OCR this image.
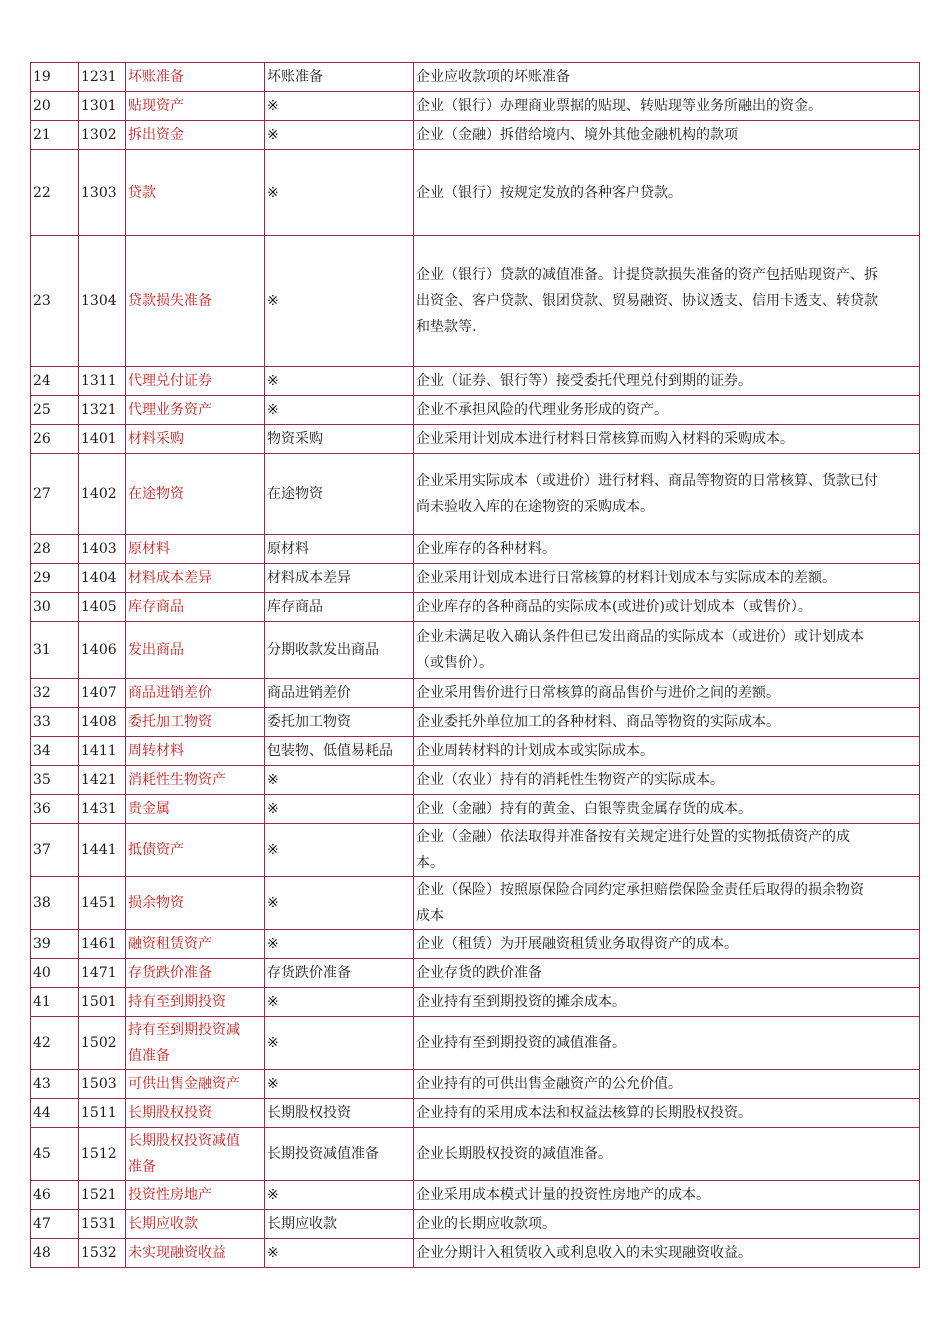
19	1231	坏账准备	坏账准备	企业应收款项的坏账准备

20	1301	贴现资产	※	企业（银行）办理商业票据的贴现、转贴现等业务所融出的资金。

21	1302	拆出资金	※	企业（金融）拆借给境内、境外其他金融机构的款项

22	1303	贷款	※	企业（银行）按规定发放的各种客户贷款。

23	1304	贷款损失准备	※	企业（银行）贷款的减值准备。计提贷款损失准备的资产包括贴现资产、拆
出资金、客户贷款、银团贷款、贸易融资、协议透支、信用卡透支、转贷款
和垫款等.

24	1311	代理兑付证券	※	企业（证券、银行等）接受委托代理兑付到期的证券。

25	1321	代理业务资产	※	企业不承担风险的代理业务形成的资产。

26	1401	材料采购	物资采购	企业采用计划成本进行材料日常核算而购入材料的采购成本。

27	1402	在途物资	在途物资	企业采用实际成本（或进价）进行材料、商品等物资的日常核算、货款已付
尚未验收入库的在途物资的采购成本。

28	1403	原材料	原材料	企业库存的各种材料。

29	1404	材料成本差异	材料成本差异	企业采用计划成本进行日常核算的材料计划成本与实际成本的差额。

30	1405	库存商品	库存商品	企业库存的各种商品的实际成本(或进价)或计划成本（或售价）。

31	1406	发出商品	分期收款发出商品	企业未满足收入确认条件但已发出商品的实际成本（或进价）或计划成本
（或售价）。

32	1407	商品进销差价	商品进销差价	企业采用售价进行日常核算的商品售价与进价之间的差额。

33	1408	委托加工物资	委托加工物资	企业委托外单位加工的各种材料、商品等物资的实际成本。

34	1411	周转材料	包装物、低值易耗品	企业周转材料的计划成本或实际成本。

35	1421	消耗性生物资产	※	企业（农业）持有的消耗性生物资产的实际成本。

36	1431	贵金属	※	企业（金融）持有的黄金、白银等贵金属存货的成本。

37	1441	抵债资产	※	企业（金融）依法取得并准备按有关规定进行处置的实物抵债资产的成
本。

38	1451	损余物资	※	企业（保险）按照原保险合同约定承担赔偿保险金责任后取得的损余物资
成本

39	1461	融资租赁资产	※	企业（租赁）为开展融资租赁业务取得资产的成本。

40	1471	存货跌价准备	存货跌价准备	企业存货的跌价准备

41	1501	持有至到期投资	※	企业持有至到期投资的摊余成本。

42	1502	持有至到期投资减
值准备	※	企业持有至到期投资的减值准备。

43	1503	可供出售金融资产	※	企业持有的可供出售金融资产的公允价值。

44	1511	长期股权投资	长期股权投资	企业持有的采用成本法和权益法核算的长期股权投资。

45	1512	长期股权投资减值
准备	长期投资减值准备	企业长期股权投资的减值准备。

46	1521	投资性房地产	※	企业采用成本模式计量的投资性房地产的成本。

47	1531	长期应收款	长期应收款	企业的长期应收款项。

48	1532	未实现融资收益	※	企业分期计入租赁收入或利息收入的未实现融资收益。
